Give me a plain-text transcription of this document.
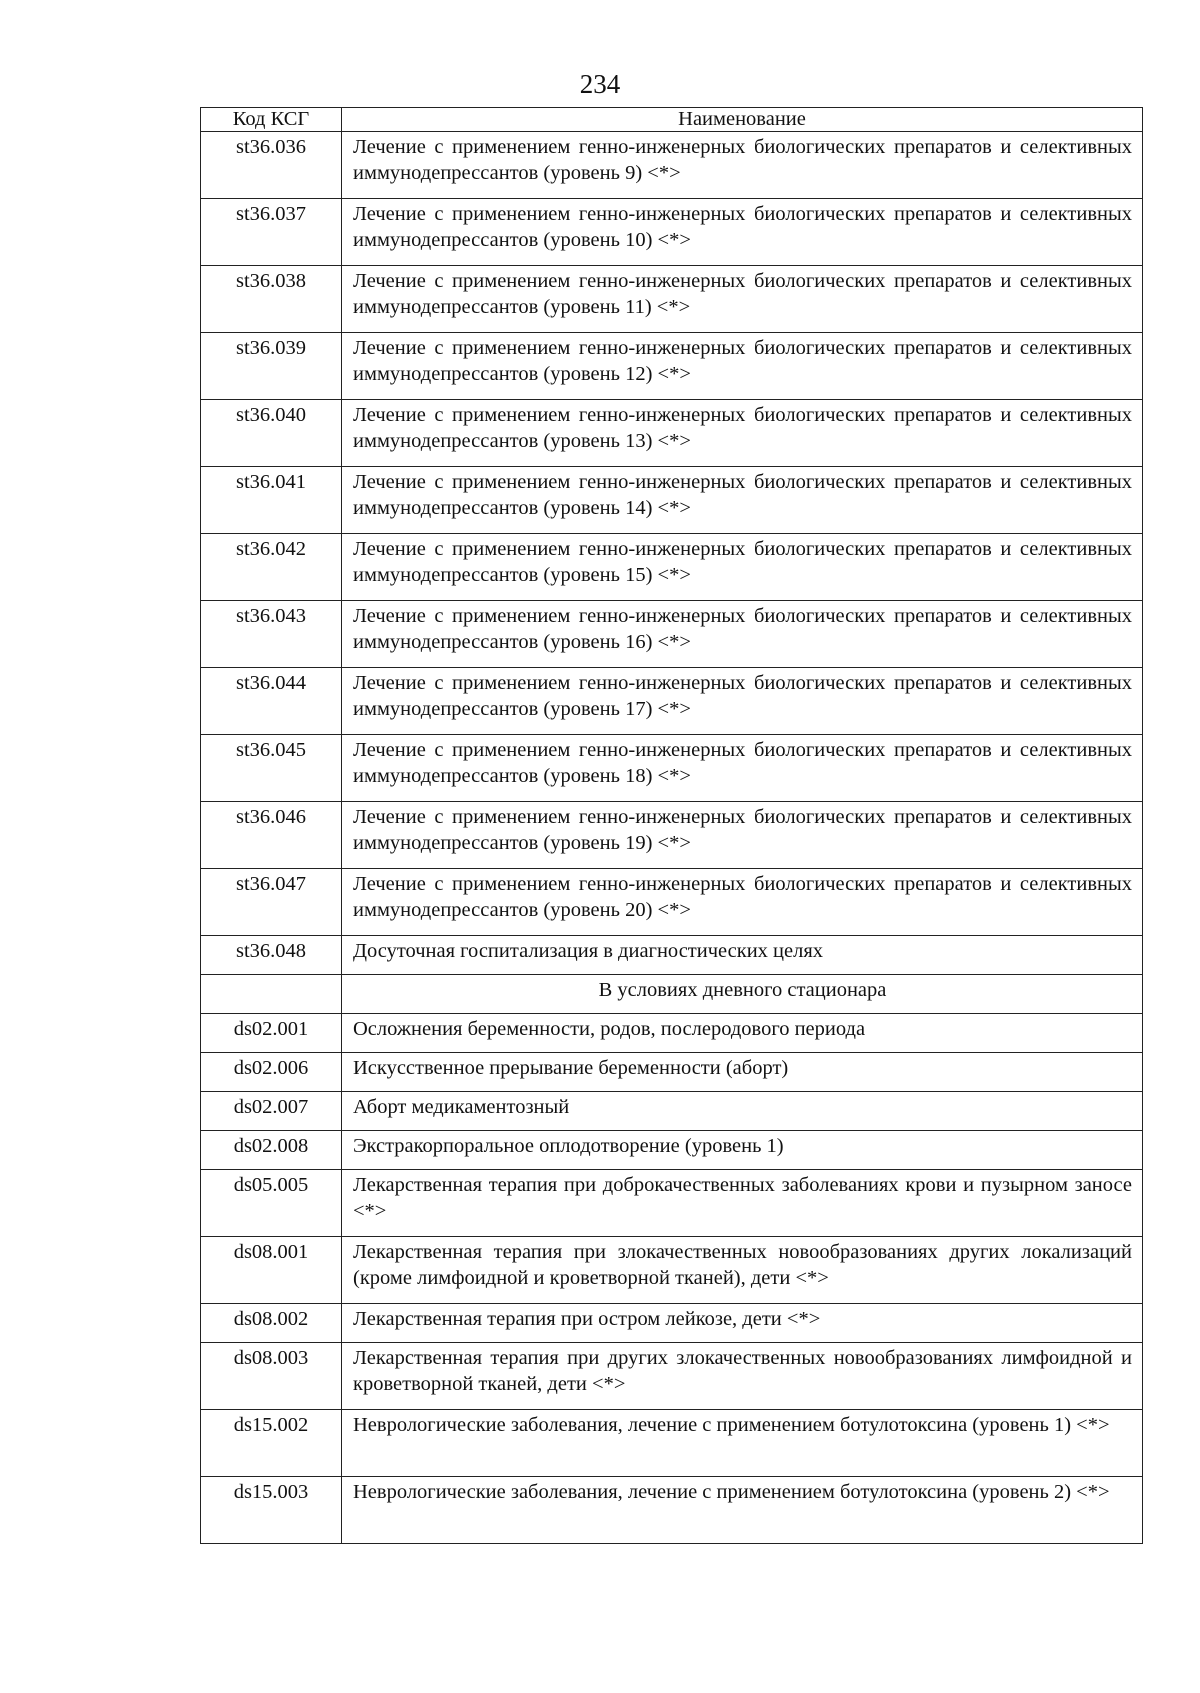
234
Код КСГ	Наименование
st36.036	Лечение с применением генно-инженерных биологических препаратов и селективных иммунодепрессантов (уровень 9) <*>
st36.037	Лечение с применением генно-инженерных биологических препаратов и селективных иммунодепрессантов (уровень 10) <*>
st36.038	Лечение с применением генно-инженерных биологических препаратов и селективных иммунодепрессантов (уровень 11) <*>
st36.039	Лечение с применением генно-инженерных биологических препаратов и селективных иммунодепрессантов (уровень 12) <*>
st36.040	Лечение с применением генно-инженерных биологических препаратов и селективных иммунодепрессантов (уровень 13) <*>
st36.041	Лечение с применением генно-инженерных биологических препаратов и селективных иммунодепрессантов (уровень 14) <*>
st36.042	Лечение с применением генно-инженерных биологических препаратов и селективных иммунодепрессантов (уровень 15) <*>
st36.043	Лечение с применением генно-инженерных биологических препаратов и селективных иммунодепрессантов (уровень 16) <*>
st36.044	Лечение с применением генно-инженерных биологических препаратов и селективных иммунодепрессантов (уровень 17) <*>
st36.045	Лечение с применением генно-инженерных биологических препаратов и селективных иммунодепрессантов (уровень 18) <*>
st36.046	Лечение с применением генно-инженерных биологических препаратов и селективных иммунодепрессантов (уровень 19) <*>
st36.047	Лечение с применением генно-инженерных биологических препаратов и селективных иммунодепрессантов (уровень 20) <*>
st36.048	Досуточная госпитализация в диагностических целях
	В условиях дневного стационара
ds02.001	Осложнения беременности, родов, послеродового периода
ds02.006	Искусственное прерывание беременности (аборт)
ds02.007	Аборт медикаментозный
ds02.008	Экстракорпоральное оплодотворение (уровень 1)
ds05.005	Лекарственная терапия при доброкачественных заболеваниях крови и пузырном заносе <*>
ds08.001	Лекарственная терапия при злокачественных новообразованиях других локализаций (кроме лимфоидной и кроветворной тканей), дети <*>
ds08.002	Лекарственная терапия при остром лейкозе, дети <*>
ds08.003	Лекарственная терапия при других злокачественных новообразованиях лимфоидной и кроветворной тканей, дети <*>
ds15.002	Неврологические заболевания, лечение с применением ботулотоксина (уровень 1) <*>
ds15.003	Неврологические заболевания, лечение с применением ботулотоксина (уровень 2) <*>
